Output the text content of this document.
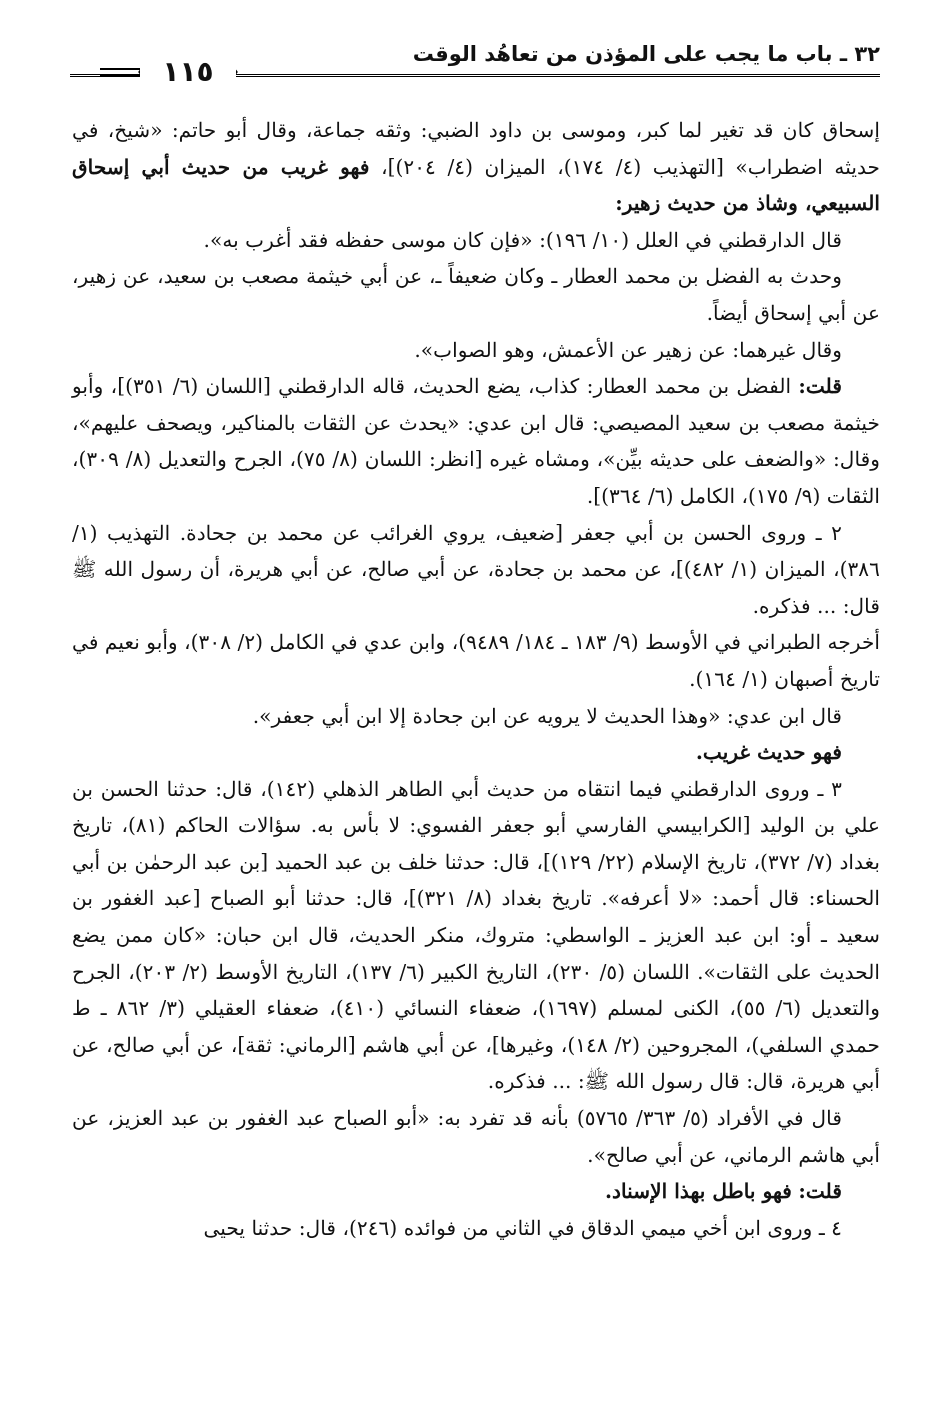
٣٢ ـ باب ما يجب على المؤذن من تعاهُد الوقت
١١٥

إسحاق كان قد تغير لما كبر، وموسى بن داود الضبي: وثقه جماعة، وقال أبو حاتم: «شيخ، في حديثه اضطراب» [التهذيب (٤/ ١٧٤)، الميزان (٤/ ٢٠٤)]، فهو غريب من حديث أبي إسحاق السبيعي، وشاذ من حديث زهير:

قال الدارقطني في العلل (١٠/ ١٩٦): «فإن كان موسى حفظه فقد أغرب به».

وحدث به الفضل بن محمد العطار ـ وكان ضعيفاً ـ، عن أبي خيثمة مصعب بن سعيد، عن زهير، عن أبي إسحاق أيضاً.

وقال غيرهما: عن زهير عن الأعمش، وهو الصواب».

قلت: الفضل بن محمد العطار: كذاب، يضع الحديث، قاله الدارقطني [اللسان (٦/ ٣٥١)]، وأبو خيثمة مصعب بن سعيد المصيصي: قال ابن عدي: «يحدث عن الثقات بالمناكير، ويصحف عليهم»، وقال: «والضعف على حديثه بيِّن»، ومشاه غيره [انظر: اللسان (٨/ ٧٥)، الجرح والتعديل (٨/ ٣٠٩)، الثقات (٩/ ١٧٥)، الكامل (٦/ ٣٦٤)].

٢ ـ وروى الحسن بن أبي جعفر [ضعيف، يروي الغرائب عن محمد بن جحادة. التهذيب (١/ ٣٨٦)، الميزان (١/ ٤٨٢)]، عن محمد بن جحادة، عن أبي صالح، عن أبي هريرة، أن رسول الله ﷺ قال: ... فذكره.

أخرجه الطبراني في الأوسط (٩/ ١٨٣ ـ ١٨٤/ ٩٤٨٩)، وابن عدي في الكامل (٢/ ٣٠٨)، وأبو نعيم في تاريخ أصبهان (١/ ١٦٤).

قال ابن عدي: «وهذا الحديث لا يرويه عن ابن جحادة إلا ابن أبي جعفر».

فهو حديث غريب.

٣ ـ وروى الدارقطني فيما انتقاه من حديث أبي الطاهر الذهلي (١٤٢)، قال: حدثنا الحسن بن علي بن الوليد [الكرابيسي الفارسي أبو جعفر الفسوي: لا بأس به. سؤالات الحاكم (٨١)، تاريخ بغداد (٧/ ٣٧٢)، تاريخ الإسلام (٢٢/ ١٢٩)]، قال: حدثنا خلف بن عبد الحميد [بن عبد الرحمٰن بن أبي الحسناء: قال أحمد: «لا أعرفه». تاريخ بغداد (٨/ ٣٢١)]، قال: حدثنا أبو الصباح [عبد الغفور بن سعيد ـ أو: ابن عبد العزيز ـ الواسطي: متروك، منكر الحديث، قال ابن حبان: «كان ممن يضع الحديث على الثقات». اللسان (٥/ ٢٣٠)، التاريخ الكبير (٦/ ١٣٧)، التاريخ الأوسط (٢/ ٢٠٣)، الجرح والتعديل (٦/ ٥٥)، الكنى لمسلم (١٦٩٧)، ضعفاء النسائي (٤١٠)، ضعفاء العقيلي (٣/ ٨٦٢ ـ ط حمدي السلفي)، المجروحين (٢/ ١٤٨)، وغيرها]، عن أبي هاشم [الرماني: ثقة]، عن أبي صالح، عن أبي هريرة، قال: قال رسول الله ﷺ: ... فذكره.

قال في الأفراد (٥/ ٣٦٣/ ٥٧٦٥) بأنه قد تفرد به: «أبو الصباح عبد الغفور بن عبد العزيز، عن أبي هاشم الرماني، عن أبي صالح».

قلت: فهو باطل بهذا الإسناد.

٤ ـ وروى ابن أخي ميمي الدقاق في الثاني من فوائده (٢٤٦)، قال: حدثنا يحيى
